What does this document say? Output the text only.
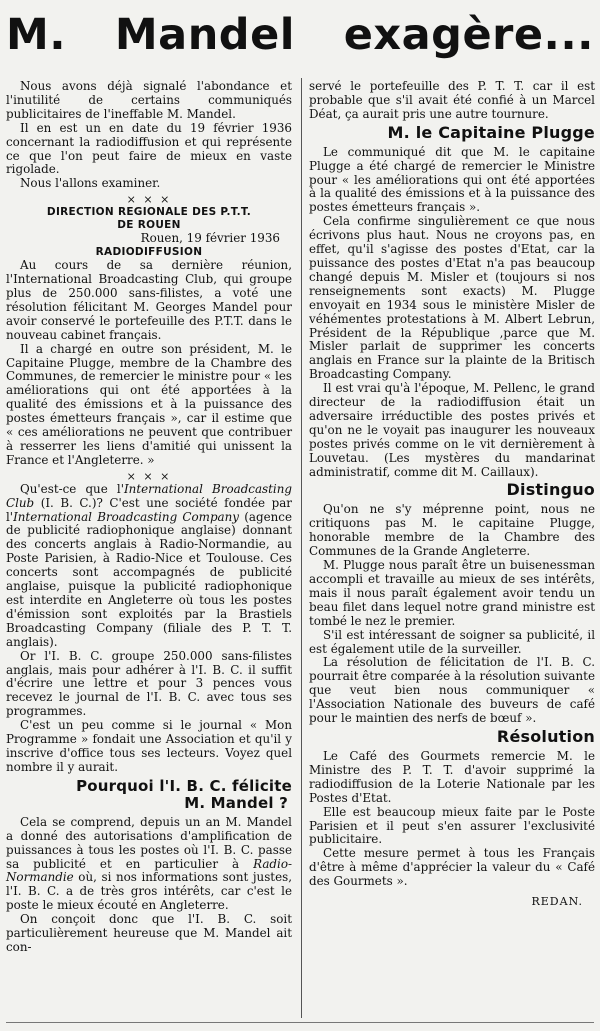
M. Mandel exagère...

Nous avons déjà signalé l'abondance et l'inutilité de certains communiqués publicitaires de l'ineffable M. Mandel.

Il en est un en date du 19 février 1936 concernant la radiodiffusion et qui représente ce que l'on peut faire de mieux en vaste rigolade.

Nous l'allons examiner.

× × ×
DIRECTION REGIONALE DES P.T.T.
DE ROUEN

Rouen, 19 février 1936

RADIODIFFUSION

Au cours de sa dernière réunion, l'International Broadcasting Club, qui groupe plus de 250.000 sans-filistes, a voté une résolution félicitant M. Georges Mandel pour avoir conservé le portefeuille des P.T.T. dans le nouveau cabinet français.

Il a chargé en outre son président, M. le Capitaine Plugge, membre de la Chambre des Communes, de remercier le ministre pour « les améliorations qui ont été apportées à la qualité des émissions et à la puissance des postes émetteurs français », car il estime que « ces améliorations ne peuvent que contribuer à resserrer les liens d'amitié qui unissent la France et l'Angleterre. »

× × ×

Qu'est-ce que l'International Broadcasting Club (I. B. C.)? C'est une société fondée par l'International Broadcasting Company (agence de publicité radiophonique anglaise) donnant des concerts anglais à Radio-Normandie, au Poste Parisien, à Radio-Nice et Toulouse. Ces concerts sont accompagnés de publicité anglaise, puisque la publicité radiophonique est interdite en Angleterre où tous les postes d'émission sont exploités par la Brastiels Broadcasting Company (filiale des P. T. T. anglais).

Or l'I. B. C. groupe 250.000 sans-filistes anglais, mais pour adhérer à l'I. B. C. il suffit d'écrire une lettre et pour 3 pences vous recevez le journal de l'I. B. C. avec tous ses programmes.

C'est un peu comme si le journal « Mon Programme » fondait une Association et qu'il y inscrive d'office tous ses lecteurs. Voyez quel nombre il y aurait.

Pourquoi l'I. B. C. félicite
M. Mandel ?

Cela se comprend, depuis un an M. Mandel a donné des autorisations d'amplification de puissances à tous les postes où l'I. B. C. passe sa publicité et en particulier à Radio-Normandie où, si nos informations sont justes, l'I. B. C. a de très gros intérêts, car c'est le poste le mieux écouté en Angleterre.

On conçoit donc que l'I. B. C. soit particulièrement heureuse que M. Mandel ait con-

servé le portefeuille des P. T. T. car il est probable que s'il avait été confié à un Marcel Déat, ça aurait pris une autre tournure.

M. le Capitaine Plugge

Le communiqué dit que M. le capitaine Plugge a été chargé de remercier le Ministre pour « les améliorations qui ont été apportées à la qualité des émissions et à la puissance des postes émetteurs français ».

Cela confirme singulièrement ce que nous écrivons plus haut. Nous ne croyons pas, en effet, qu'il s'agisse des postes d'Etat, car la puissance des postes d'Etat n'a pas beaucoup changé depuis M. Misler et (toujours si nos renseignements sont exacts) M. Plugge envoyait en 1934 sous le ministère Misler de véhémentes protestations à M. Albert Lebrun, Président de la République ,parce que M. Misler parlait de supprimer les concerts anglais en France sur la plainte de la Britisch Broadcasting Company.

Il est vrai qu'à l'époque, M. Pellenc, le grand directeur de la radiodiffusion était un adversaire irréductible des postes privés et qu'on ne le voyait pas inaugurer les nouveaux postes privés comme on le vit dernièrement à Louvetau. (Les mystères du mandarinat administratif, comme dit M. Caillaux).

Distinguo

Qu'on ne s'y méprenne point, nous ne critiquons pas M. le capitaine Plugge, honorable membre de la Chambre des Communes de la Grande Angleterre.

M. Plugge nous paraît être un buisenessman accompli et travaille au mieux de ses intérêts, mais il nous paraît également avoir tendu un beau filet dans lequel notre grand ministre est tombé le nez le premier.

S'il est intéressant de soigner sa publicité, il est également utile de la surveiller.

La résolution de félicitation de l'I. B. C. pourrait être comparée à la résolution suivante que veut bien nous communiquer « l'Association Nationale des buveurs de café pour le maintien des nerfs de bœuf ».

Résolution

Le Café des Gourmets remercie M. le Ministre des P. T. T. d'avoir supprimé la radiodiffusion de la Loterie Nationale par les Postes d'Etat.

Elle est beaucoup mieux faite par le Poste Parisien et il peut s'en assurer l'exclusivité publicitaire.

Cette mesure permet à tous les Français d'être à même d'apprécier la valeur du « Café des Gourmets ».

REDAN.
